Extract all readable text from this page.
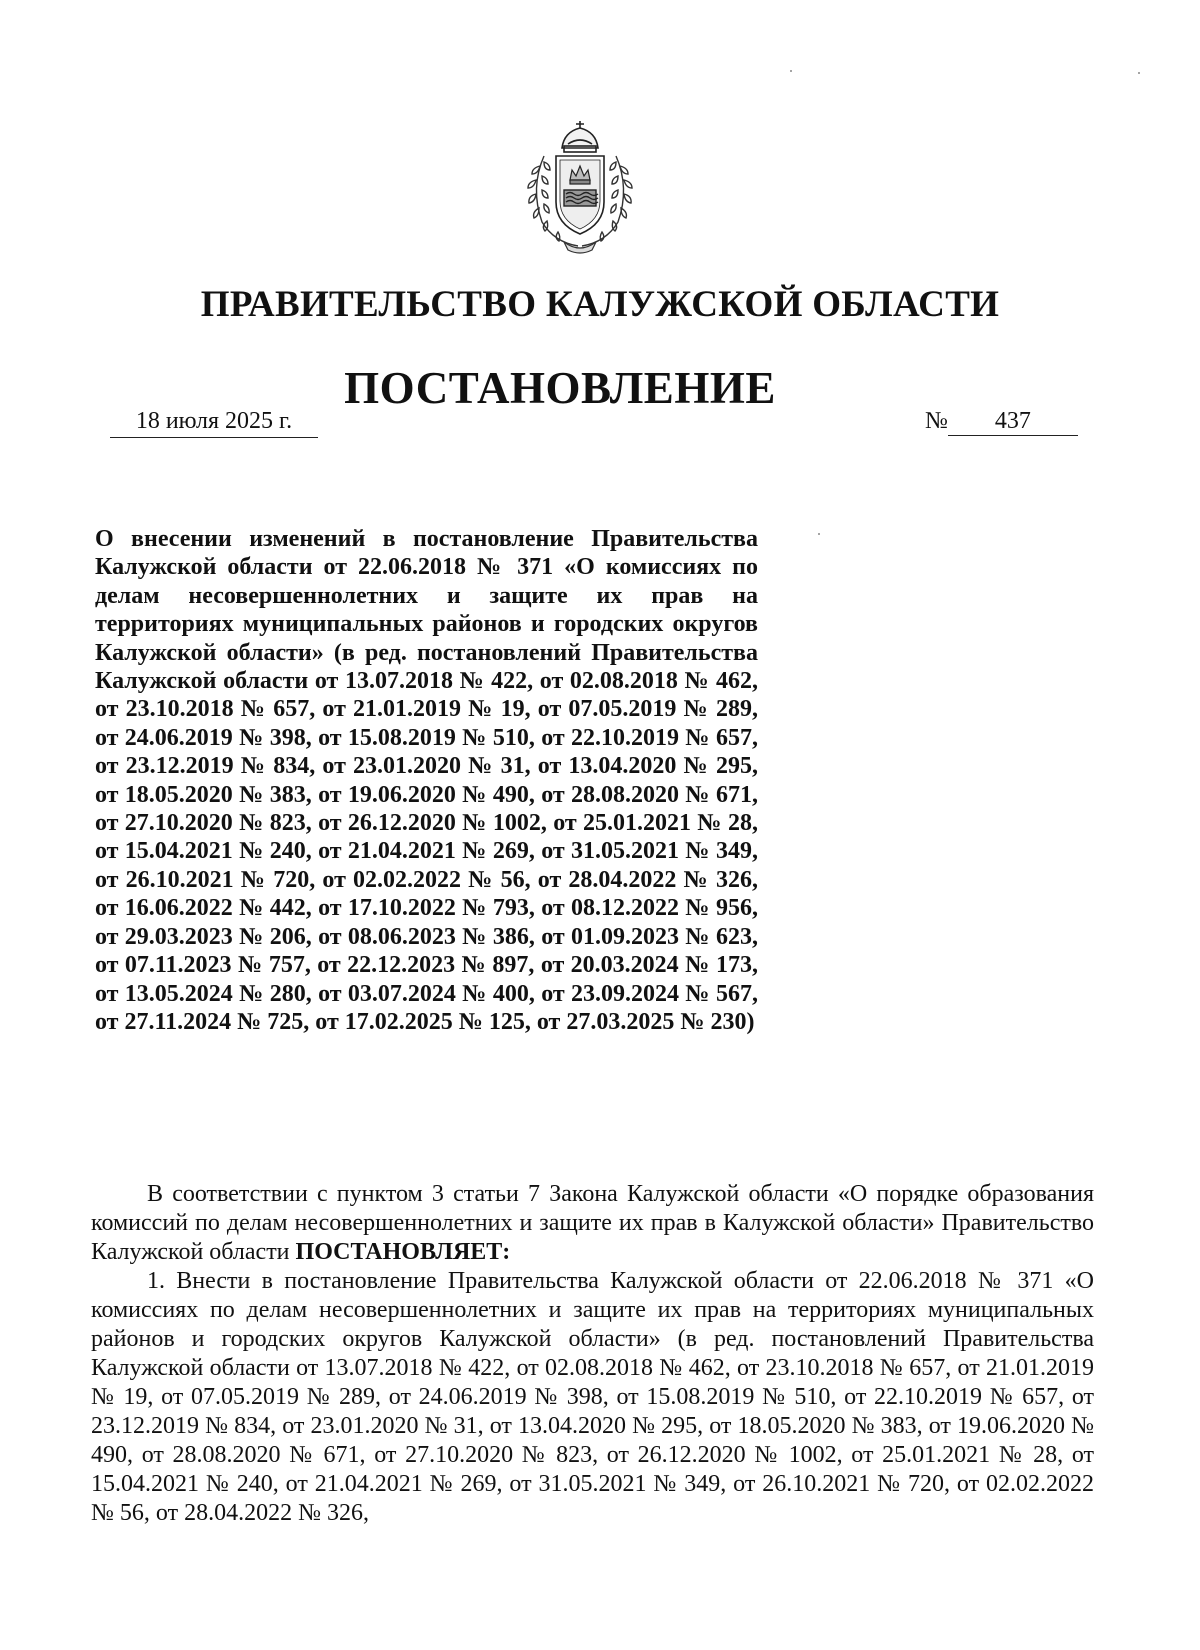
ПРАВИТЕЛЬСТВО КАЛУЖСКОЙ ОБЛАСТИ
ПОСТАНОВЛЕНИЕ
18 июля 2025 г.	№ 437

О внесении изменений в постановление Правительства Калужской области от 22.06.2018 № 371 «О комиссиях по делам несовершеннолетних и защите их прав на территориях муниципальных районов и городских округов Калужской области» (в ред. постановлений Правительства Калужской области от 13.07.2018 № 422, от 02.08.2018 № 462, от 23.10.2018 № 657, от 21.01.2019 № 19, от 07.05.2019 № 289, от 24.06.2019 № 398, от 15.08.2019 № 510, от 22.10.2019 № 657, от 23.12.2019 № 834, от 23.01.2020 № 31, от 13.04.2020 № 295, от 18.05.2020 № 383, от 19.06.2020 № 490, от 28.08.2020 № 671, от 27.10.2020 № 823, от 26.12.2020 № 1002, от 25.01.2021 № 28, от 15.04.2021 № 240, от 21.04.2021 № 269, от 31.05.2021 № 349, от 26.10.2021 № 720, от 02.02.2022 № 56, от 28.04.2022 № 326, от 16.06.2022 № 442, от 17.10.2022 № 793, от 08.12.2022 № 956, от 29.03.2023 № 206, от 08.06.2023 № 386, от 01.09.2023 № 623, от 07.11.2023 № 757, от 22.12.2023 № 897, от 20.03.2024 № 173, от 13.05.2024 № 280, от 03.07.2024 № 400, от 23.09.2024 № 567, от 27.11.2024 № 725, от 17.02.2025 № 125, от 27.03.2025 № 230)

В соответствии с пунктом 3 статьи 7 Закона Калужской области «О порядке образования комиссий по делам несовершеннолетних и защите их прав в Калужской области» Правительство Калужской области ПОСТАНОВЛЯЕТ:

1. Внести в постановление Правительства Калужской области от 22.06.2018 № 371 «О комиссиях по делам несовершеннолетних и защите их прав на территориях муниципальных районов и городских округов Калужской области» (в ред. постановлений Правительства Калужской области от 13.07.2018 № 422, от 02.08.2018 № 462, от 23.10.2018 № 657, от 21.01.2019 № 19, от 07.05.2019 № 289, от 24.06.2019 № 398, от 15.08.2019 № 510, от 22.10.2019 № 657, от 23.12.2019 № 834, от 23.01.2020 № 31, от 13.04.2020 № 295, от 18.05.2020 № 383, от 19.06.2020 № 490, от 28.08.2020 № 671, от 27.10.2020 № 823, от 26.12.2020 № 1002, от 25.01.2021 № 28, от 15.04.2021 № 240, от 21.04.2021 № 269, от 31.05.2021 № 349, от 26.10.2021 № 720, от 02.02.2022 № 56, от 28.04.2022 № 326,
